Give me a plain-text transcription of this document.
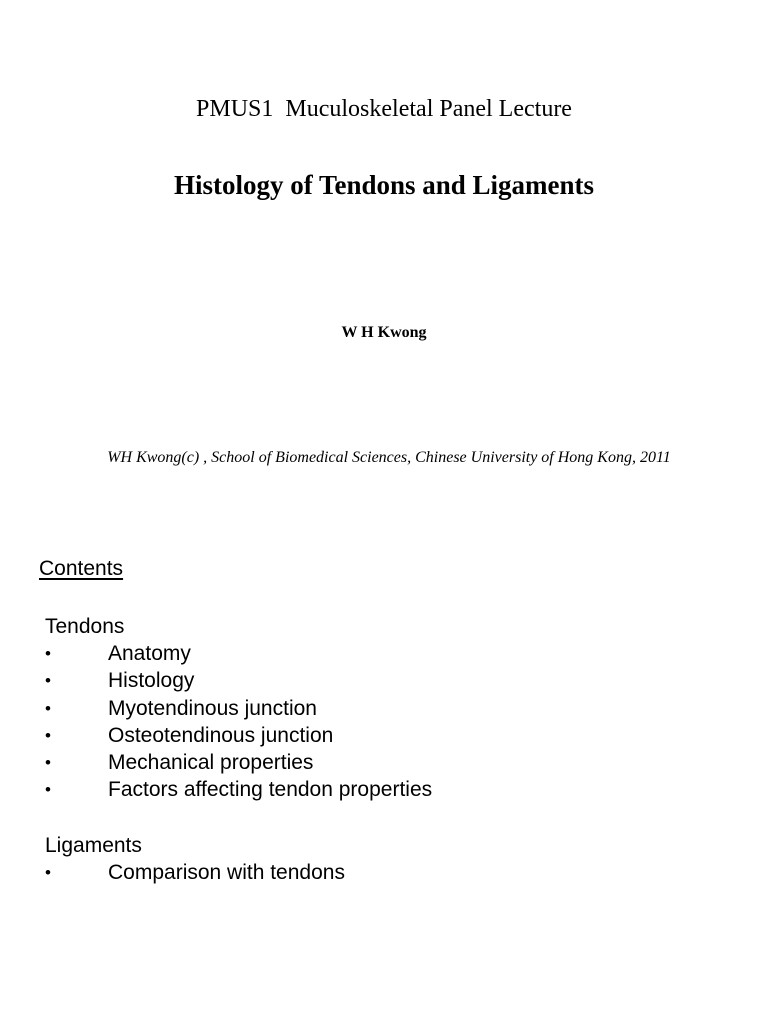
PMUS1  Muculoskeletal Panel Lecture
Histology of Tendons and Ligaments
W H Kwong
WH Kwong(c) , School of Biomedical Sciences, Chinese University of Hong Kong, 2011
Contents
Tendons
•	Anatomy
•	Histology
•	Myotendinous junction
•	Osteotendinous junction
•	Mechanical properties
•	Factors affecting tendon properties
Ligaments
•	Comparison with tendons
